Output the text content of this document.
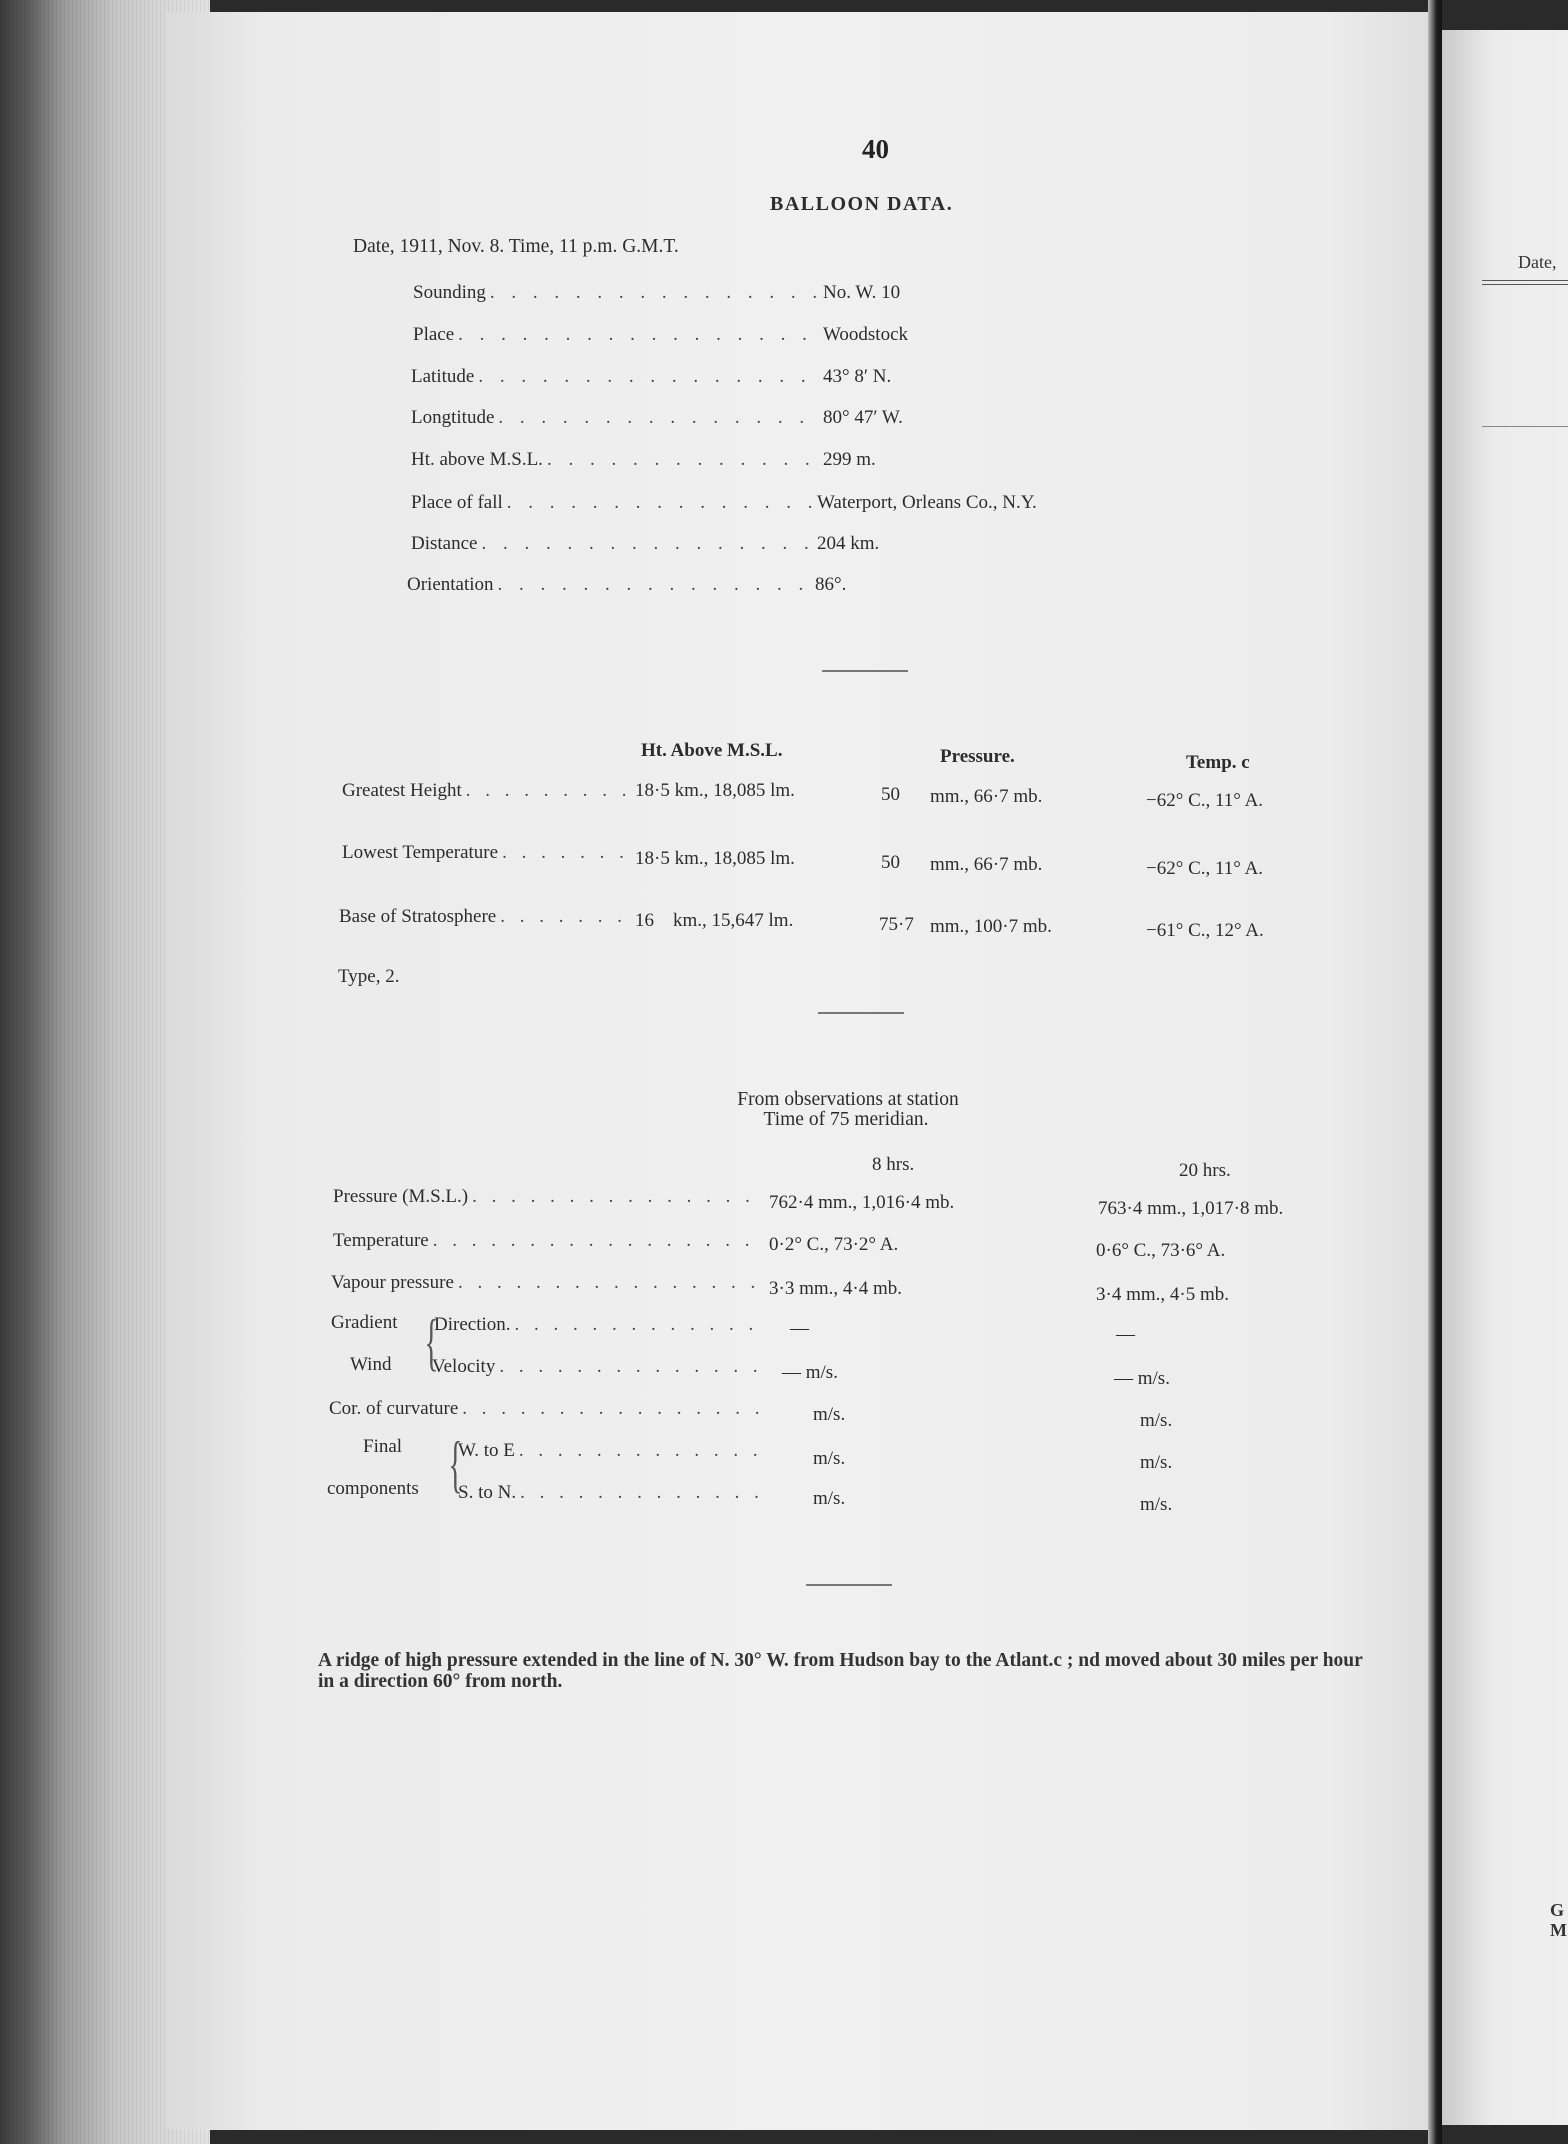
Date,
G
M
40
BALLOON DATA.
Date, 1911, Nov. 8. Time, 11 p.m. G.M.T.
Sounding . . .	No. W. 10
Place . . .	Woodstock
Latitude . . .	43° 8′ N.
Longtitude . . .	80° 47′ W.
Ht. above M.S.L. . . .	299 m.
Place of fall . . .	Waterport, Orleans Co., N.Y.
Distance . . .	204 km.
Orientation . . .	86°.
Ht. Above M.S.L.	Pressure.	Temp. c
Greatest Height . . .	18·5 km., 18,085 lm.	50 mm., 66·7 mb.	−62° C., 11° A.
Lowest Temperature . . .	18·5 km., 18,085 lm.	50 mm., 66·7 mb.	−62° C., 11° A.
Base of Stratosphere . . .	16    km., 15,647 lm.	75·7 mm., 100·7 mb.	−61° C., 12° A.
Type, 2.
From observations at station
Time of 75 meridian.
8 hrs.	20 hrs.
Pressure (M.S.L.) . . .	762·4 mm., 1,016·4 mb.	763·4 mm., 1,017·8 mb.
Temperature . . .	0·2° C., 73·2° A.	0·6° C., 73·6° A.
Vapour pressure . . .	3·3 mm., 4·4 mb.	3·4 mm., 4·5 mb.
Gradient
Wind {
Direction. . . .	—	—
Velocity . . .	— m/s.	— m/s.
Cor. of curvature . . .	m/s.	m/s.
Final
components {
W. to E . . .	m/s.	m/s.
S. to N. . . .	m/s.	m/s.
A ridge of high pressure extended in the line of N. 30° W. from Hudson bay to the Atlant.c ; nd moved about 30 miles per hour in a direction 60° from north.
